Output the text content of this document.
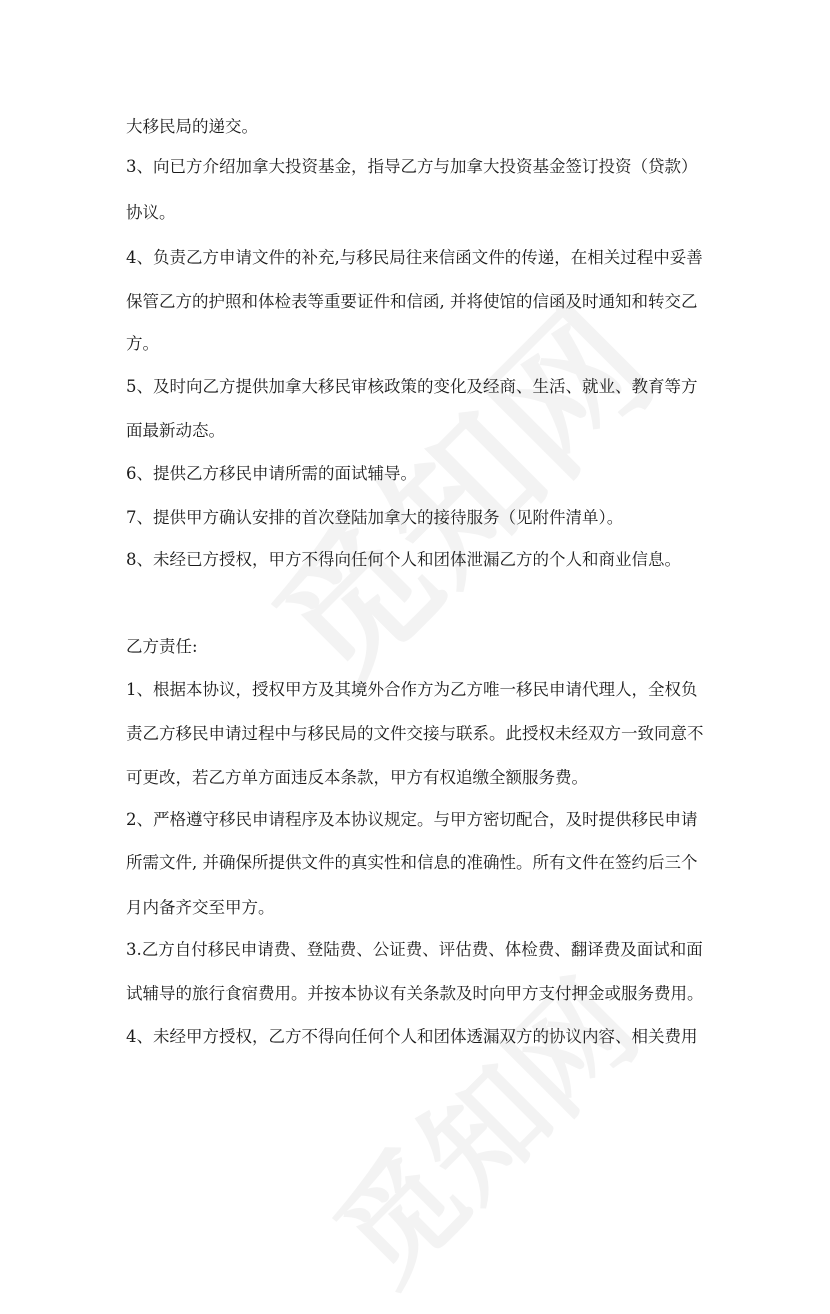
大移民局的递交。
3、向已方介绍加拿大投资基金，指导乙方与加拿大投资基金签订投资（贷款）
协议。
4、负责乙方申请文件的补充,与移民局往来信函文件的传递，在相关过程中妥善
保管乙方的护照和体检表等重要证件和信函, 并将使馆的信函及时通知和转交乙
方。
5、及时向乙方提供加拿大移民审核政策的变化及经商、生活、就业、教育等方
面最新动态。
6、提供乙方移民申请所需的面试辅导。
7、提供甲方确认安排的首次登陆加拿大的接待服务（见附件清单）。
8、未经已方授权，甲方不得向任何个人和团体泄漏乙方的个人和商业信息。
乙方责任:
1、根据本协议，授权甲方及其境外合作方为乙方唯一移民申请代理人，全权负
责乙方移民申请过程中与移民局的文件交接与联系。此授权未经双方一致同意不
可更改，若乙方单方面违反本条款，甲方有权追缴全额服务费。
2、严格遵守移民申请程序及本协议规定。与甲方密切配合，及时提供移民申请
所需文件, 并确保所提供文件的真实性和信息的准确性。所有文件在签约后三个
月内备齐交至甲方。
3.乙方自付移民申请费、登陆费、公证费、评估费、体检费、翻译费及面试和面
试辅导的旅行食宿费用。并按本协议有关条款及时向甲方支付押金或服务费用。
4、未经甲方授权，乙方不得向任何个人和团体透漏双方的协议内容、相关费用
